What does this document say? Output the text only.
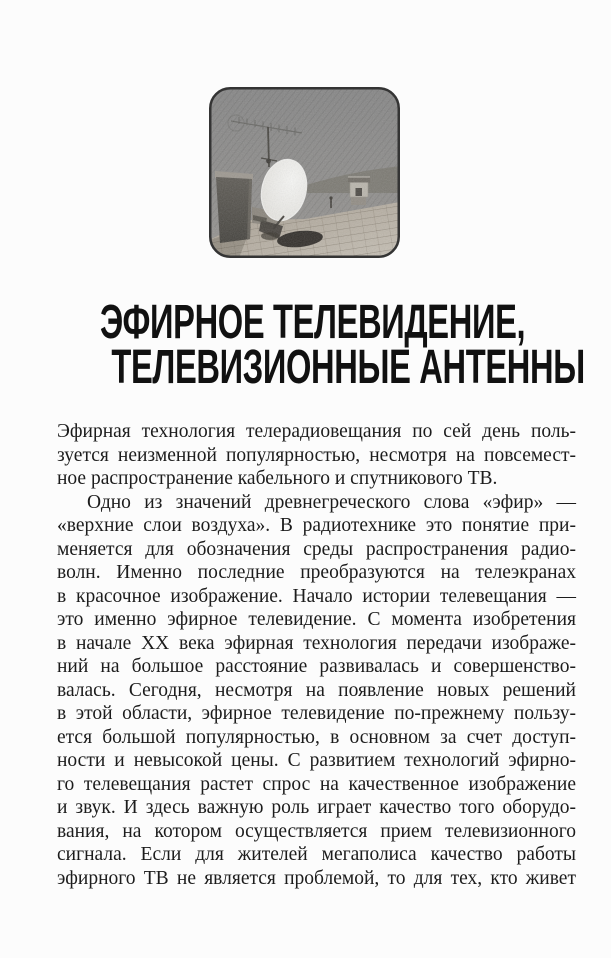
ЭФИРНОЕ ТЕЛЕВИДЕНИЕ,
ТЕЛЕВИЗИОННЫЕ АНТЕННЫ
Эфирная технология телерадиовещания по сей день поль-
зуется неизменной популярностью, несмотря на повсемест-
ное распространение кабельного и спутникового ТВ.
Одно из значений древнегреческого слова «эфир» —
«верхние слои воздуха». В радиотехнике это понятие при-
меняется для обозначения среды распространения радио-
волн. Именно последние преобразуются на телеэкранах
в красочное изображение. Начало истории телевещания —
это именно эфирное телевидение. С момента изобретения
в начале XX века эфирная технология передачи изображе-
ний на большое расстояние развивалась и совершенство-
валась. Сегодня, несмотря на появление новых решений
в этой области, эфирное телевидение по-прежнему пользу-
ется большой популярностью, в основном за счет доступ-
ности и невысокой цены. С развитием технологий эфирно-
го телевещания растет спрос на качественное изображение
и звук. И здесь важную роль играет качество того оборудо-
вания, на котором осуществляется прием телевизионного
сигнала. Если для жителей мегаполиса качество работы
эфирного ТВ не является проблемой, то для тех, кто живет
